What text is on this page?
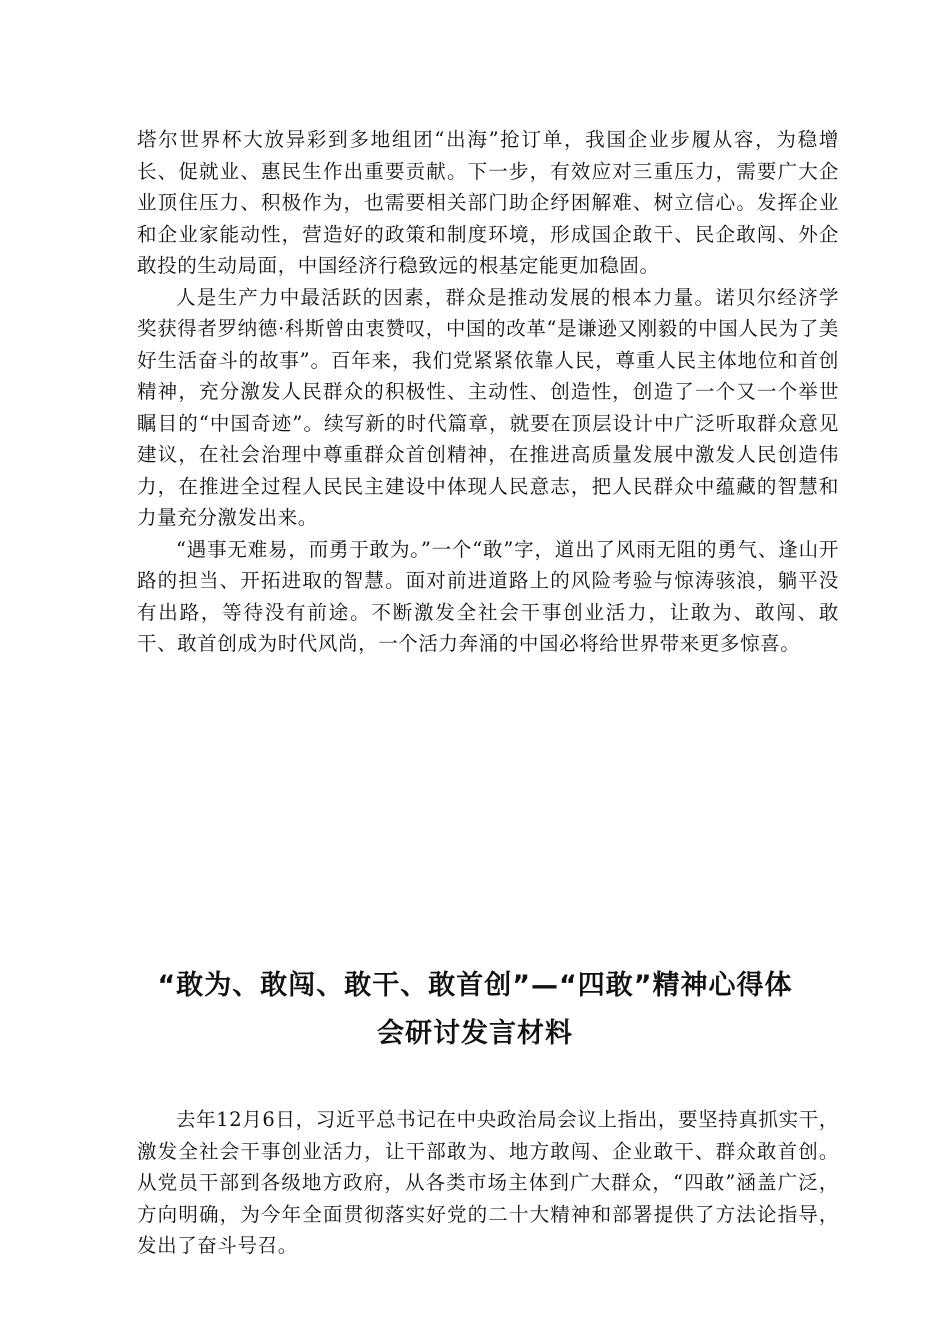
塔尔世界杯大放异彩到多地组团“出海”抢订单，我国企业步履从容，为稳增长、促就业、惠民生作出重要贡献。下一步，有效应对三重压力，需要广大企业顶住压力、积极作为，也需要相关部门助企纾困解难、树立信心。发挥企业和企业家能动性，营造好的政策和制度环境，形成国企敢干、民企敢闯、外企敢投的生动局面，中国经济行稳致远的根基定能更加稳固。

人是生产力中最活跃的因素，群众是推动发展的根本力量。诺贝尔经济学奖获得者罗纳德·科斯曾由衷赞叹，中国的改革“是谦逊又刚毅的中国人民为了美好生活奋斗的故事”。百年来，我们党紧紧依靠人民，尊重人民主体地位和首创精神，充分激发人民群众的积极性、主动性、创造性，创造了一个又一个举世瞩目的“中国奇迹”。续写新的时代篇章，就要在顶层设计中广泛听取群众意见建议，在社会治理中尊重群众首创精神，在推进高质量发展中激发人民创造伟力，在推进全过程人民民主建设中体现人民意志，把人民群众中蕴藏的智慧和力量充分激发出来。

“遇事无难易，而勇于敢为。”一个“敢”字，道出了风雨无阻的勇气、逢山开路的担当、开拓进取的智慧。面对前进道路上的风险考验与惊涛骇浪，躺平没有出路，等待没有前途。不断激发全社会干事创业活力，让敢为、敢闯、敢干、敢首创成为时代风尚，一个活力奔涌的中国必将给世界带来更多惊喜。

“敢为、敢闯、敢干、敢首创”—“四敢”精神心得体
会研讨发言材料

去年12月6日，习近平总书记在中央政治局会议上指出，要坚持真抓实干，激发全社会干事创业活力，让干部敢为、地方敢闯、企业敢干、群众敢首创。从党员干部到各级地方政府，从各类市场主体到广大群众，“四敢”涵盖广泛，方向明确，为今年全面贯彻落实好党的二十大精神和部署提供了方法论指导，发出了奋斗号召。
